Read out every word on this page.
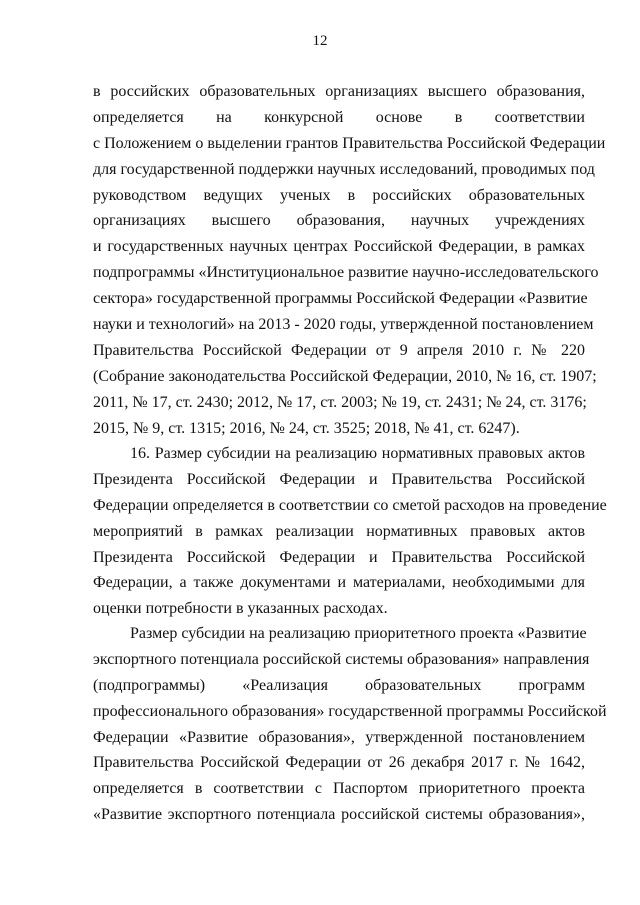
12
в российских образовательных организациях высшего образования,
определяется на конкурсной основе в соответствии
с Положением о выделении грантов Правительства Российской Федерации
для государственной поддержки научных исследований, проводимых под
руководством ведущих ученых в российских образовательных
организациях высшего образования, научных учреждениях
и государственных научных центрах Российской Федерации, в рамках
подпрограммы «Институциональное развитие научно-исследовательского
сектора» государственной программы Российской Федерации «Развитие
науки и технологий» на 2013 - 2020 годы, утвержденной постановлением
Правительства Российской Федерации от 9 апреля 2010 г. № 220
(Собрание законодательства Российской Федерации, 2010, № 16, ст. 1907;
2011, № 17, ст. 2430; 2012, № 17, ст. 2003; № 19, ст. 2431; № 24, ст. 3176;
2015, № 9, ст. 1315; 2016, № 24, ст. 3525; 2018, № 41, ст. 6247).
16. Размер субсидии на реализацию нормативных правовых актов
Президента Российской Федерации и Правительства Российской
Федерации определяется в соответствии со сметой расходов на проведение
мероприятий в рамках реализации нормативных правовых актов
Президента Российской Федерации и Правительства Российской
Федерации, а также документами и материалами, необходимыми для
оценки потребности в указанных расходах.
Размер субсидии на реализацию приоритетного проекта «Развитие
экспортного потенциала российской системы образования» направления
(подпрограммы) «Реализация образовательных программ
профессионального образования» государственной программы Российской
Федерации «Развитие образования», утвержденной постановлением
Правительства Российской Федерации от 26 декабря 2017 г. № 1642,
определяется в соответствии с Паспортом приоритетного проекта
«Развитие экспортного потенциала российской системы образования»,
